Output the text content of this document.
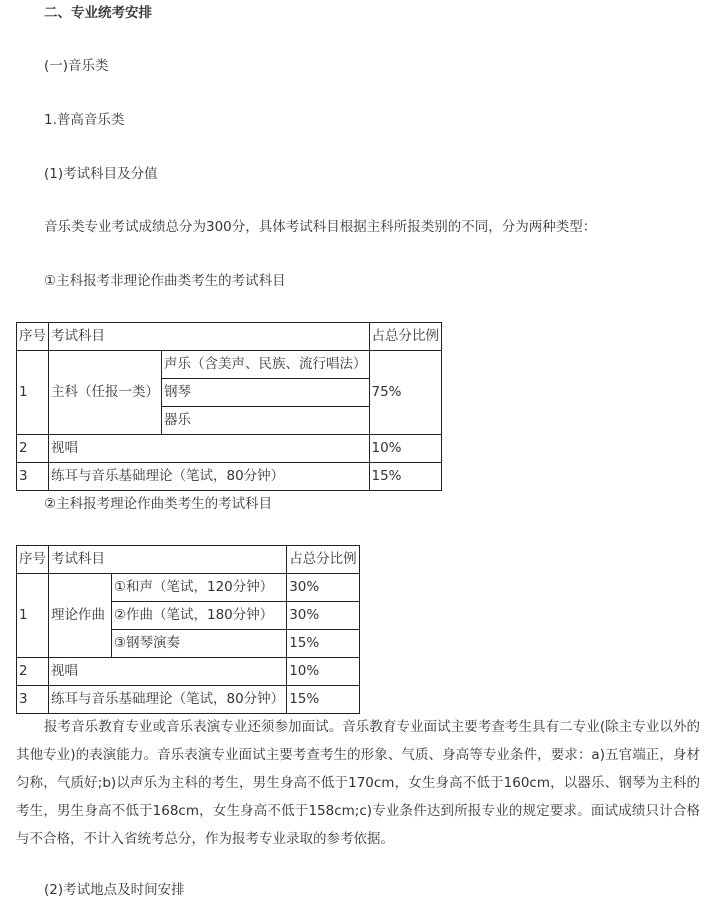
二、专业统考安排
(一)音乐类
1.普高音乐类
(1)考试科目及分值
音乐类专业考试成绩总分为300分，具体考试科目根据主科所报类别的不同，分为两种类型：
①主科报考非理论作曲类考生的考试科目
序号	考试科目		占总分比例
1	主科（任报一类）	声乐（含美声、民族、流行唱法）	75%
		钢琴	
		器乐	
2	视唱		10%
3	练耳与音乐基础理论（笔试，80分钟）		15%
②主科报考理论作曲类考生的考试科目
序号	考试科目		占总分比例
1	理论作曲	①和声（笔试，120分钟）	30%
		②作曲（笔试，180分钟）	30%
		③钢琴演奏	15%
2	视唱		10%
3	练耳与音乐基础理论（笔试，80分钟）		15%
报考音乐教育专业或音乐表演专业还须参加面试。音乐教育专业面试主要考查考生具有二专业(除主专业以外的其他专业)的表演能力。音乐表演专业面试主要考查考生的形象、气质、身高等专业条件，要求：a)五官端正，身材匀称，气质好;b)以声乐为主科的考生，男生身高不低于170cm，女生身高不低于160cm，以器乐、钢琴为主科的考生，男生身高不低于168cm，女生身高不低于158cm;c)专业条件达到所报专业的规定要求。面试成绩只计合格与不合格，不计入省统考总分，作为报考专业录取的参考依据。
(2)考试地点及时间安排
